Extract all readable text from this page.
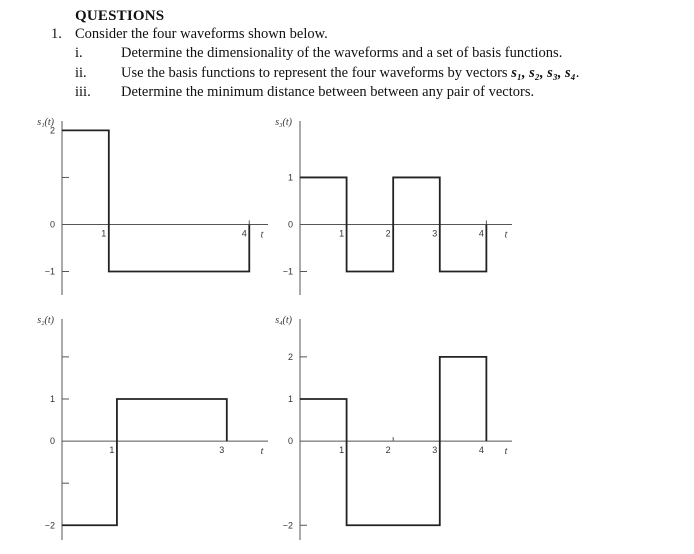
QUESTIONS
1. Consider the four waveforms shown below.
i.	Determine the dimensionality of the waveforms and a set of basis functions.
ii. Use the basis functions to represent the four waveforms by vectors s₁, s₂, s₃, s₄.
iii. Determine the minimum distance between between any pair of vectors.
s₁(t)
t
2
0
−1
1	4
s₃(t)
t
1
0
−1
1	2	3	4
s₂(t)
t
1
0
−2
1	3
s₄(t)
t
2
1
0
−2
1	2	3	4
